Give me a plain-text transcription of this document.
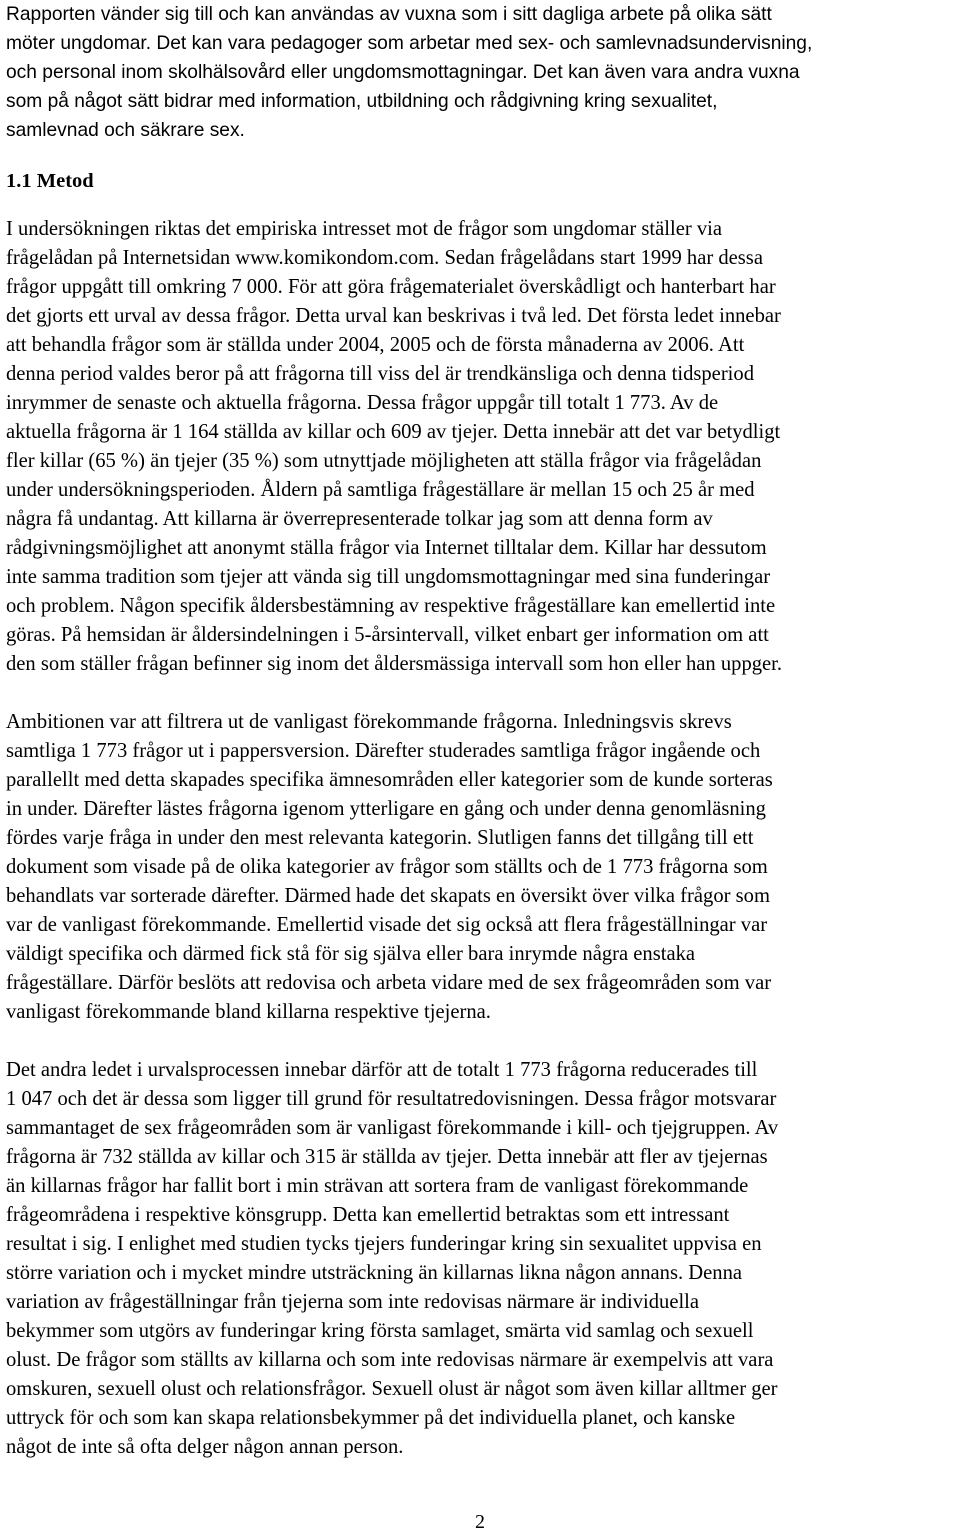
Rapporten vänder sig till och kan användas av vuxna som i sitt dagliga arbete på olika sätt
möter ungdomar. Det kan vara pedagoger som arbetar med sex- och samlevnadsundervisning,
och personal inom skolhälsovård eller ungdomsmottagningar. Det kan även vara andra vuxna
som på något sätt bidrar med information, utbildning och rådgivning kring sexualitet,
samlevnad och säkrare sex.

1.1 Metod

I undersökningen riktas det empiriska intresset mot de frågor som ungdomar ställer via
frågelådan på Internetsidan www.komikondom.com. Sedan frågelådans start 1999 har dessa
frågor uppgått till omkring 7 000. För att göra frågematerialet överskådligt och hanterbart har
det gjorts ett urval av dessa frågor. Detta urval kan beskrivas i två led. Det första ledet innebar
att behandla frågor som är ställda under 2004, 2005 och de första månaderna av 2006. Att
denna period valdes beror på att frågorna till viss del är trendkänsliga och denna tidsperiod
inrymmer de senaste och aktuella frågorna. Dessa frågor uppgår till totalt 1 773. Av de
aktuella frågorna är 1 164 ställda av killar och 609 av tjejer. Detta innebär att det var betydligt
fler killar (65 %) än tjejer (35 %) som utnyttjade möjligheten att ställa frågor via frågelådan
under undersökningsperioden. Åldern på samtliga frågeställare är mellan 15 och 25 år med
några få undantag. Att killarna är överrepresenterade tolkar jag som att denna form av
rådgivningsmöjlighet att anonymt ställa frågor via Internet tilltalar dem. Killar har dessutom
inte samma tradition som tjejer att vända sig till ungdomsmottagningar med sina funderingar
och problem. Någon specifik åldersbestämning av respektive frågeställare kan emellertid inte
göras. På hemsidan är åldersindelningen i 5-årsintervall, vilket enbart ger information om att
den som ställer frågan befinner sig inom det åldersmässiga intervall som hon eller han uppger.

Ambitionen var att filtrera ut de vanligast förekommande frågorna. Inledningsvis skrevs
samtliga 1 773 frågor ut i pappersversion. Därefter studerades samtliga frågor ingående och
parallellt med detta skapades specifika ämnesområden eller kategorier som de kunde sorteras
in under. Därefter lästes frågorna igenom ytterligare en gång och under denna genomläsning
fördes varje fråga in under den mest relevanta kategorin. Slutligen fanns det tillgång till ett
dokument som visade på de olika kategorier av frågor som ställts och de 1 773 frågorna som
behandlats var sorterade därefter. Därmed hade det skapats en översikt över vilka frågor som
var de vanligast förekommande. Emellertid visade det sig också att flera frågeställningar var
väldigt specifika och därmed fick stå för sig själva eller bara inrymde några enstaka
frågeställare. Därför beslöts att redovisa och arbeta vidare med de sex frågeområden som var
vanligast förekommande bland killarna respektive tjejerna.

Det andra ledet i urvalsprocessen innebar därför att de totalt 1 773 frågorna reducerades till
1 047 och det är dessa som ligger till grund för resultatredovisningen. Dessa frågor motsvarar
sammantaget de sex frågeområden som är vanligast förekommande i kill- och tjejgruppen. Av
frågorna är 732 ställda av killar och 315 är ställda av tjejer. Detta innebär att fler av tjejernas
än killarnas frågor har fallit bort i min strävan att sortera fram de vanligast förekommande
frågeområdena i respektive könsgrupp. Detta kan emellertid betraktas som ett intressant
resultat i sig. I enlighet med studien tycks tjejers funderingar kring sin sexualitet uppvisa en
större variation och i mycket mindre utsträckning än killarnas likna någon annans. Denna
variation av frågeställningar från tjejerna som inte redovisas närmare är individuella
bekymmer som utgörs av funderingar kring första samlaget, smärta vid samlag och sexuell
olust. De frågor som ställts av killarna och som inte redovisas närmare är exempelvis att vara
omskuren, sexuell olust och relationsfrågor. Sexuell olust är något som även killar alltmer ger
uttryck för och som kan skapa relationsbekymmer på det individuella planet, och kanske
något de inte så ofta delger någon annan person.

2
